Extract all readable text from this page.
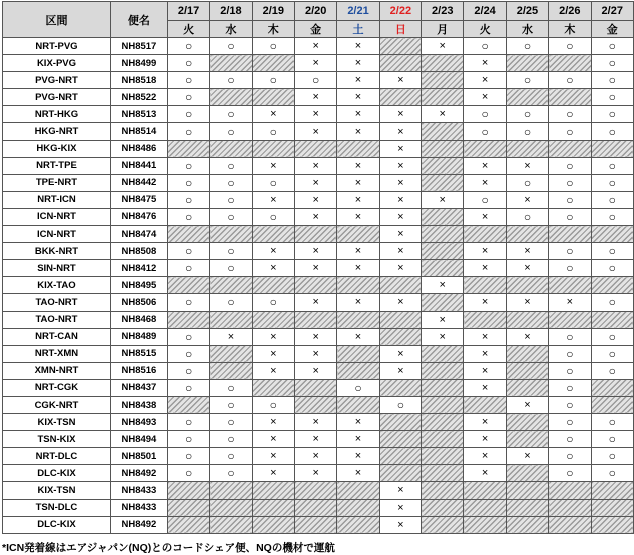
区間	便名	2/17	2/18	2/19	2/20	2/21	2/22	2/23	2/24	2/25	2/26	2/27
		火	水	木	金	土	日	月	火	水	木	金
NRT-PVG	NH8517	○	○	○	×	×		×	○	○	○	○
KIX-PVG	NH8499	○			×	×			×			○
PVG-NRT	NH8518	○	○	○	○	×	×		×	○	○	○
PVG-NRT	NH8522	○			×	×			×			○
NRT-HKG	NH8513	○	○	×	×	×	×	×	○	○	○	○
HKG-NRT	NH8514	○	○	○	×	×	×		○	○	○	○
HKG-KIX	NH8486						×					
NRT-TPE	NH8441	○	○	×	×	×	×		×	×	○	○
TPE-NRT	NH8442	○	○	○	×	×	×		×	○	○	○
NRT-ICN	NH8475	○	○	×	×	×	×	×	○	×	○	○
ICN-NRT	NH8476	○	○	○	×	×	×		×	○	○	○
ICN-NRT	NH8474						×					
BKK-NRT	NH8508	○	○	×	×	×	×		×	×	○	○
SIN-NRT	NH8412	○	○	×	×	×	×		×	×	○	○
KIX-TAO	NH8495							×				
TAO-NRT	NH8506	○	○	○	×	×	×		×	×	×	○
TAO-NRT	NH8468							×				
NRT-CAN	NH8489	○	×	×	×	×		×	×	×	○	○
NRT-XMN	NH8515	○		×	×		×		×		○	○
XMN-NRT	NH8516	○		×	×		×		×		○	○
NRT-CGK	NH8437	○	○			○			×		○	
CGK-NRT	NH8438		○	○			○			×	○	
KIX-TSN	NH8493	○	○	×	×	×			×		○	○
TSN-KIX	NH8494	○	○	×	×	×			×		○	○
NRT-DLC	NH8501	○	○	×	×	×			×	×	○	○
DLC-KIX	NH8492	○	○	×	×	×			×		○	○
KIX-TSN	NH8433						×					
TSN-DLC	NH8433						×					
DLC-KIX	NH8492						×					
*ICN発着線はエアジャパン(NQ)とのコードシェア便、NQの機材で運航
